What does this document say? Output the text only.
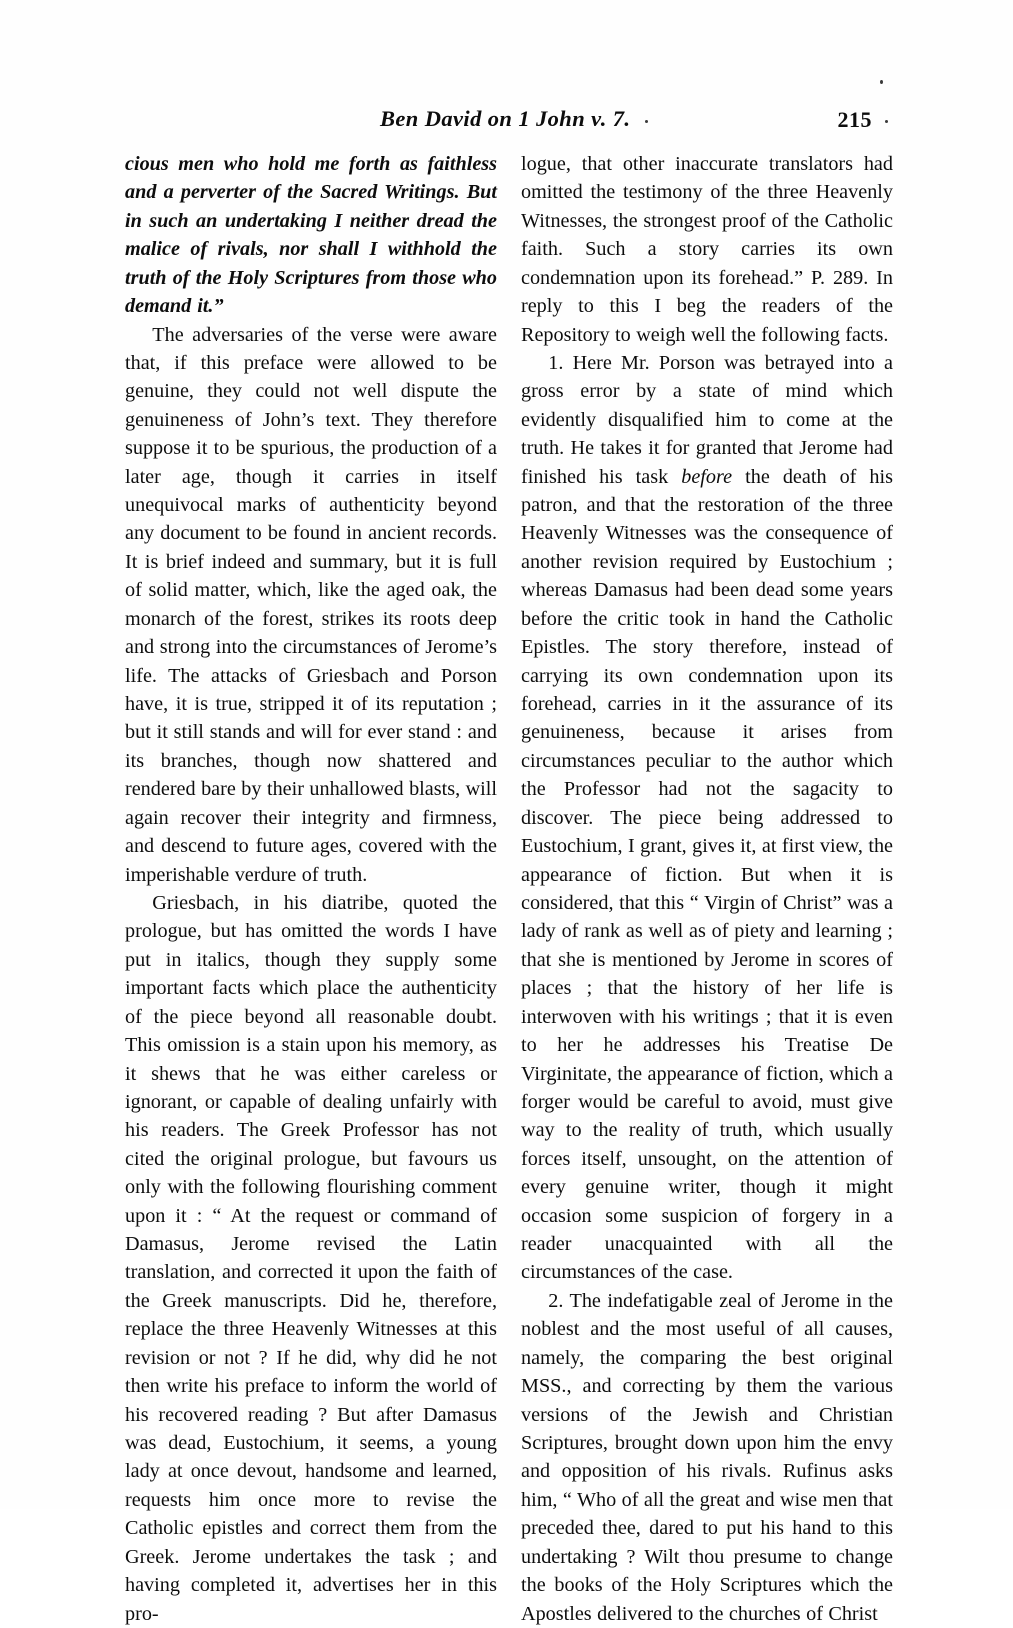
Ben David on 1 John v. 7.	215

cious men who hold me forth as faithless and a perverter of the Sacred Writings. But in such an undertaking I neither dread the malice of rivals, nor shall I withhold the truth of the Holy Scriptures from those who demand it.”

The adversaries of the verse were aware that, if this preface were allowed to be genuine, they could not well dispute the genuineness of John’s text. They therefore suppose it to be spurious, the production of a later age, though it carries in itself unequivocal marks of authenticity beyond any document to be found in ancient records. It is brief indeed and summary, but it is full of solid matter, which, like the aged oak, the monarch of the forest, strikes its roots deep and strong into the circumstances of Jerome’s life. The attacks of Griesbach and Porson have, it is true, stripped it of its reputation ; but it still stands and will for ever stand : and its branches, though now shattered and rendered bare by their unhallowed blasts, will again recover their integrity and firmness, and descend to future ages, covered with the imperishable verdure of truth.

Griesbach, in his diatribe, quoted the prologue, but has omitted the words I have put in italics, though they supply some important facts which place the authenticity of the piece beyond all reasonable doubt. This omission is a stain upon his memory, as it shews that he was either careless or ignorant, or capable of dealing unfairly with his readers. The Greek Professor has not cited the original prologue, but favours us only with the following flourishing comment upon it : “ At the request or command of Damasus, Jerome revised the Latin translation, and corrected it upon the faith of the Greek manuscripts. Did he, therefore, replace the three Heavenly Witnesses at this revision or not ? If he did, why did he not then write his preface to inform the world of his recovered reading ? But after Damasus was dead, Eustochium, it seems, a young lady at once devout, handsome and learned, requests him once more to revise the Catholic epistles and correct them from the Greek. Jerome undertakes the task ; and having completed it, advertises her in this pro-

logue, that other inaccurate translators had omitted the testimony of the three Heavenly Witnesses, the strongest proof of the Catholic faith. Such a story carries its own condemnation upon its forehead.” P. 289. In reply to this I beg the readers of the Repository to weigh well the following facts.

1. Here Mr. Porson was betrayed into a gross error by a state of mind which evidently disqualified him to come at the truth. He takes it for granted that Jerome had finished his task before the death of his patron, and that the restoration of the three Heavenly Witnesses was the consequence of another revision required by Eustochium ; whereas Damasus had been dead some years before the critic took in hand the Catholic Epistles. The story therefore, instead of carrying its own condemnation upon its forehead, carries in it the assurance of its genuineness, because it arises from circumstances peculiar to the author which the Professor had not the sagacity to discover. The piece being addressed to Eustochium, I grant, gives it, at first view, the appearance of fiction. But when it is considered, that this “ Virgin of Christ” was a lady of rank as well as of piety and learning ; that she is mentioned by Jerome in scores of places ; that the history of her life is interwoven with his writings ; that it is even to her he addresses his Treatise De Virginitate, the appearance of fiction, which a forger would be careful to avoid, must give way to the reality of truth, which usually forces itself, unsought, on the attention of every genuine writer, though it might occasion some suspicion of forgery in a reader unacquainted with all the circumstances of the case.

2. The indefatigable zeal of Jerome in the noblest and the most useful of all causes, namely, the comparing the best original MSS., and correcting by them the various versions of the Jewish and Christian Scriptures, brought down upon him the envy and opposition of his rivals. Rufinus asks him, “ Who of all the great and wise men that preceded thee, dared to put his hand to this undertaking ? Wilt thou presume to change the books of the Holy Scriptures which the Apostles delivered to the churches of Christ
